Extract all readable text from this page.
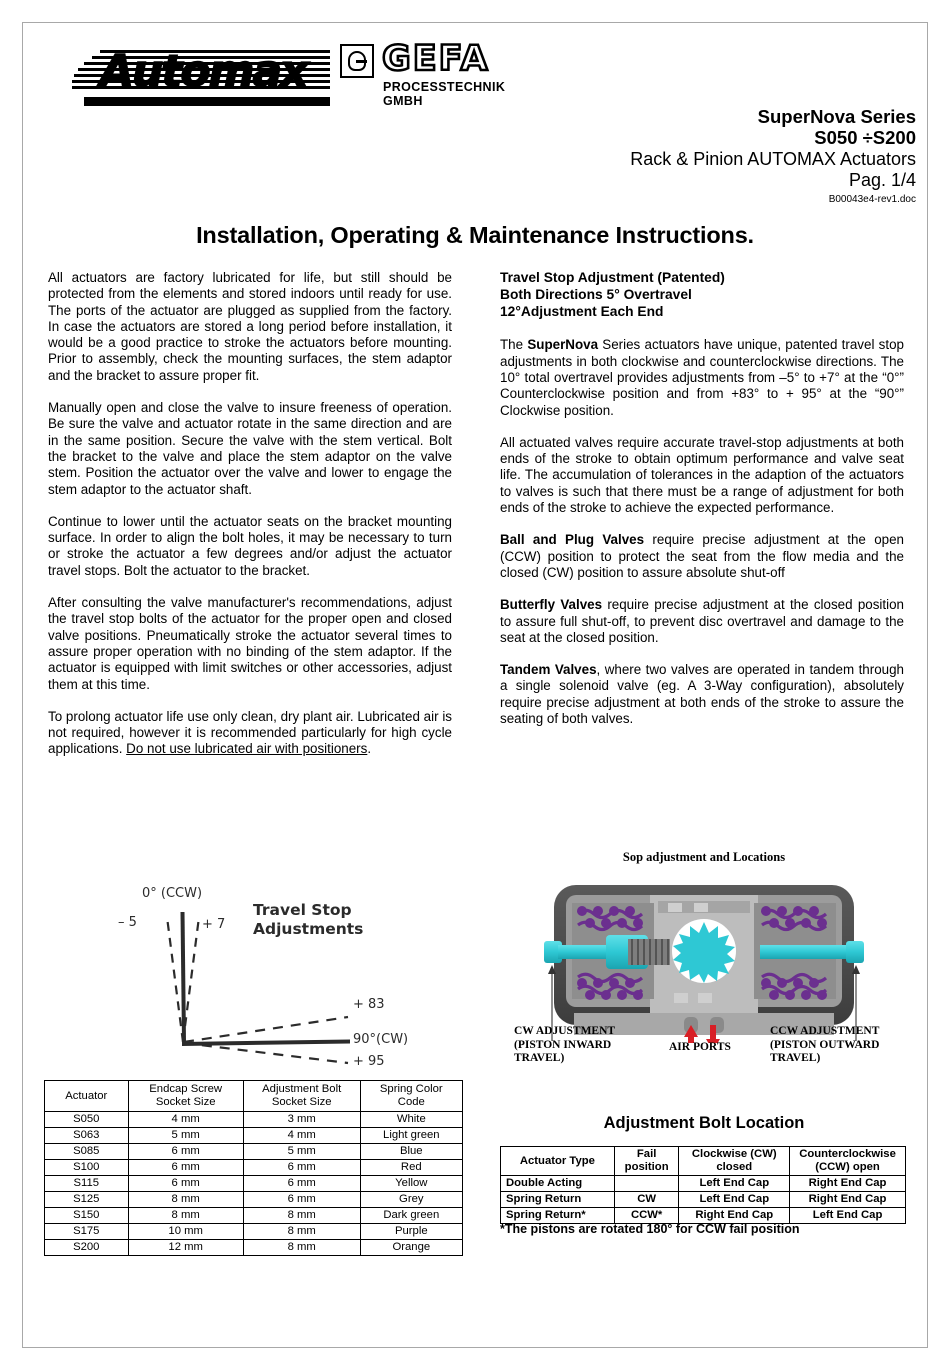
Automax	GEFA
PROCESSTECHNIK GMBH
SuperNova Series
S050 ÷S200
Rack & Pinion AUTOMAX Actuators
Pag. 1/4
B00043e4-rev1.doc
Installation, Operating & Maintenance Instructions.

All actuators are factory lubricated for life, but still should be protected from the elements and stored indoors until ready for use. The ports of the actuator are plugged as supplied from the factory. In case the actuators are stored a long period before installation, it would be a good practice to stroke the actuators before mounting. Prior to assembly, check the mounting surfaces, the stem adaptor and the bracket to assure proper fit.

Manually open and close the valve to insure freeness of operation. Be sure the valve and actuator rotate in the same direction and are in the same position. Secure the valve with the stem vertical. Bolt the bracket to the valve and place the stem adaptor on the valve stem. Position the actuator over the valve and lower to engage the stem adaptor to the actuator shaft.

Continue to lower until the actuator seats on the bracket mounting surface. In order to align the bolt holes, it may be necessary to turn or stroke the actuator a few degrees and/or adjust the actuator travel stops. Bolt the actuator to the bracket.

After consulting the valve manufacturer's recommendations, adjust the travel stop bolts of the actuator for the proper open and closed valve positions. Pneumatically stroke the actuator several times to assure proper operation with no binding of the stem adaptor. If the actuator is equipped with limit switches or other accessories, adjust them at this time.

To prolong actuator life use only clean, dry plant air. Lubricated air is not required, however it is recommended particularly for high cycle applications. Do not use lubricated air with positioners.

Travel Stop Adjustment (Patented)
Both Directions 5° Overtravel
12°Adjustment Each End

The SuperNova Series actuators have unique, patented travel stop adjustments in both clockwise and counterclockwise directions. The 10° total overtravel provides adjustments from –5° to +7° at the “0°” Counterclockwise position and from +83° to + 95° at the “90°” Clockwise position.

All actuated valves require accurate travel-stop adjustments at both ends of the stroke to obtain optimum performance and valve seat life. The accumulation of tolerances in the adaption of the actuators to valves is such that there must be a range of adjustment for both ends of the stroke to achieve the expected performance.

Ball and Plug Valves require precise adjustment at the open (CCW) position to protect the seat from the flow media and the closed (CW) position to assure absolute shut-off

Butterfly Valves require precise adjustment at the closed position to assure full shut-off, to prevent disc overtravel and damage to the seat at the closed position.

Tandem Valves, where two valves are operated in tandem through a single solenoid valve (eg. A 3-Way configuration), absolutely require precise adjustment at both ends of the stroke to assure the seating of both valves.

0° (CCW)
– 5	+ 7
+ 83
90°(CW)
+ 95
Travel Stop
Adjustments
Actuator

Endcap Screw
Socket Size

Adjustment Bolt
Socket Size

Spring Color
Code

S050	4 mm	3 mm	White
S063	5 mm	4 mm	Light green
S085	6 mm	5 mm	Blue
S100	6 mm	6 mm	Red
S115	6 mm	6 mm	Yellow
S125	8 mm	6 mm	Grey
S150	8 mm	8 mm	Dark green
S175	10 mm	8 mm	Purple
S200	12 mm	8 mm	Orange
Sop adjustment and Locations
CW ADJUSTMENT
(PISTON INWARD
TRAVEL)
AIR PORTS
CCW ADJUSTMENT
(PISTON OUTWARD
TRAVEL)
Adjustment Bolt Location
Actuator Type

Fail
position

Clockwise (CW)
closed

Counterclockwise
(CCW) open

Double Acting		Left End Cap	Right End Cap
Spring Return	CW	Left End Cap	Right End Cap
Spring Return*	CCW*	Right End Cap	Left End Cap
*The pistons are rotated 180° for CCW fail position
